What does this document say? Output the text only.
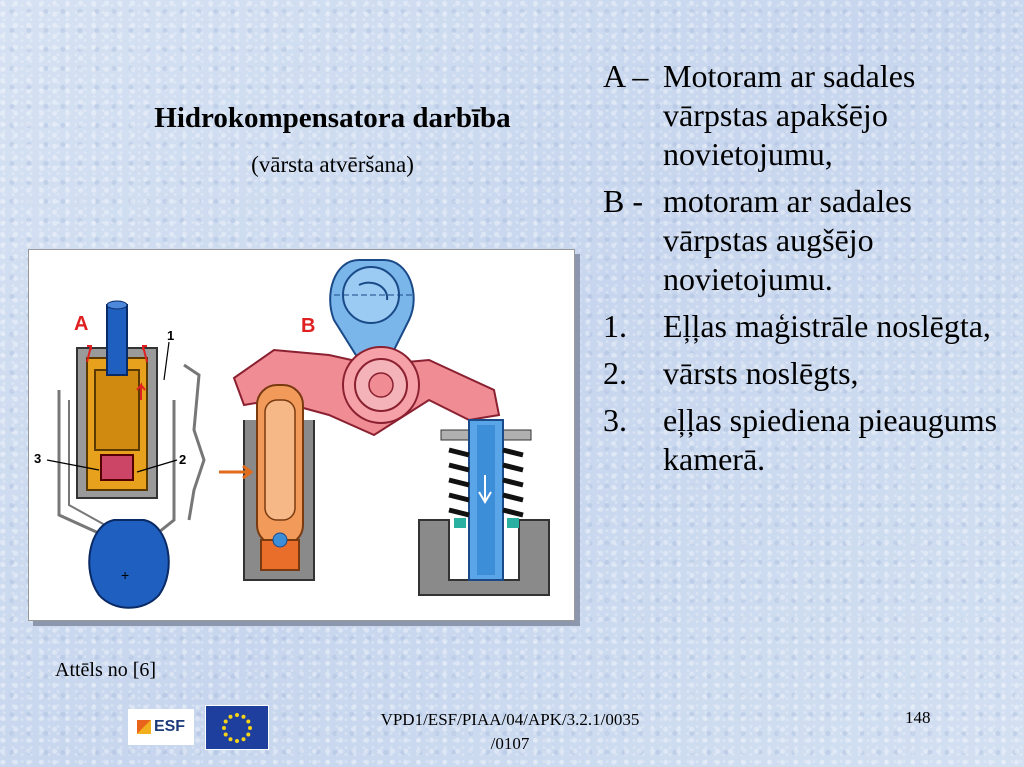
Hidrokompensatora darbība
(vārsta atvēršana)
+
A
1
2
3
B
Attēls no [6]
A – Motoram ar sadales vārpstas apakšējo novietojumu,
B - motoram ar sadales vārpstas augšējo novietojumu.
1.	Eļļas maģistrāle noslēgta,
2.	vārsts noslēgts,
3.	eļļas spiediena pieaugums kamerā.
ESF	VPD1/ESF/PIAA/04/APK/3.2.1/0035
/0107
148
